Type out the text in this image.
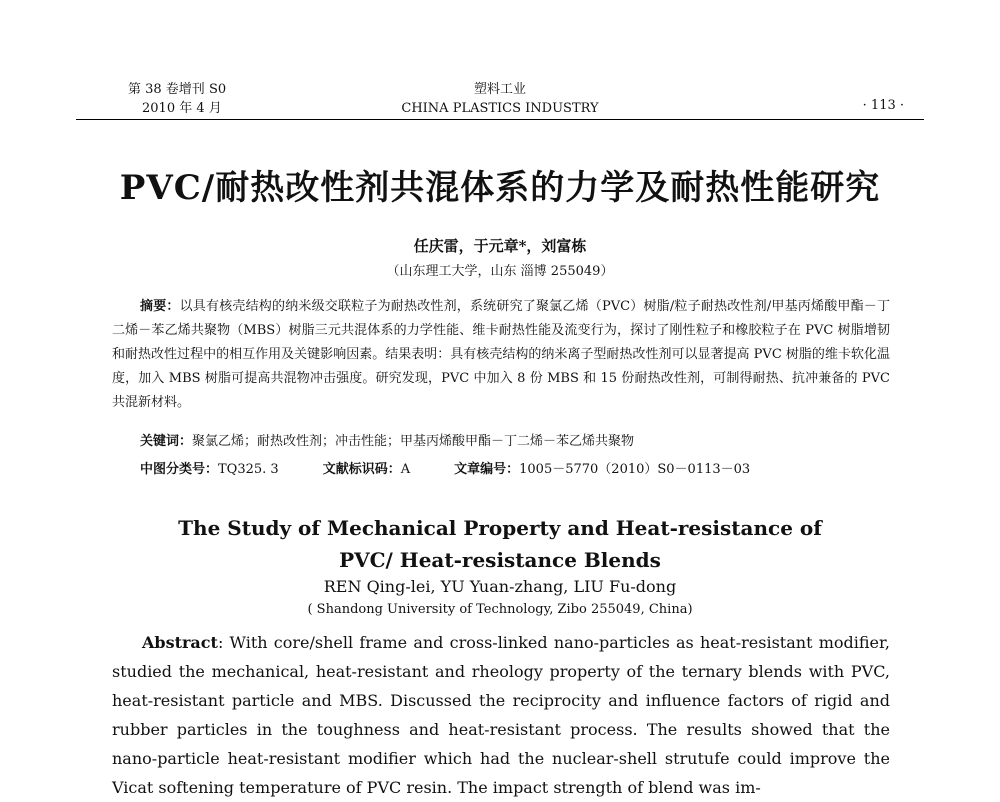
第 38 卷增刊 S0
2010 年 4 月
塑料工业
CHINA PLASTICS INDUSTRY	· 113 ·
PVC/耐热改性剂共混体系的力学及耐热性能研究
任庆雷，于元章*，刘富栋
（山东理工大学，山东 淄博 255049）
摘要：以具有核壳结构的纳米级交联粒子为耐热改性剂，系统研究了聚氯乙烯（PVC）树脂/粒子耐热改性剂/甲基丙烯酸甲酯－丁二烯－苯乙烯共聚物（MBS）树脂三元共混体系的力学性能、维卡耐热性能及流变行为，探讨了刚性粒子和橡胶粒子在 PVC 树脂增韧和耐热改性过程中的相互作用及关键影响因素。结果表明：具有核壳结构的纳米离子型耐热改性剂可以显著提高 PVC 树脂的维卡软化温度，加入 MBS 树脂可提高共混物冲击强度。研究发现，PVC 中加入 8 份 MBS 和 15 份耐热改性剂，可制得耐热、抗冲兼备的 PVC 共混新材料。
关键词：聚氯乙烯；耐热改性剂；冲击性能；甲基丙烯酸甲酯－丁二烯－苯乙烯共聚物
中图分类号：TQ325. 3	文献标识码：A	文章编号：1005－5770（2010）S0－0113－03
The Study of Mechanical Property and Heat-resistance of
PVC/ Heat-resistance Blends
REN Qing-lei, YU Yuan-zhang, LIU Fu-dong
( Shandong University of Technology, Zibo 255049, China)
Abstract: With core/shell frame and cross-linked nano-particles as heat-resistant modifier, studied the mechanical, heat-resistant and rheology property of the ternary blends with PVC, heat-resistant particle and MBS. Discussed the reciprocity and influence factors of rigid and rubber particles in the toughness and heat-resistant process. The results showed that the nano-particle heat-resistant modifier which had the nuclear-shell strutufe could improve the Vicat softening temperature of PVC resin. The impact strength of blend was im-
